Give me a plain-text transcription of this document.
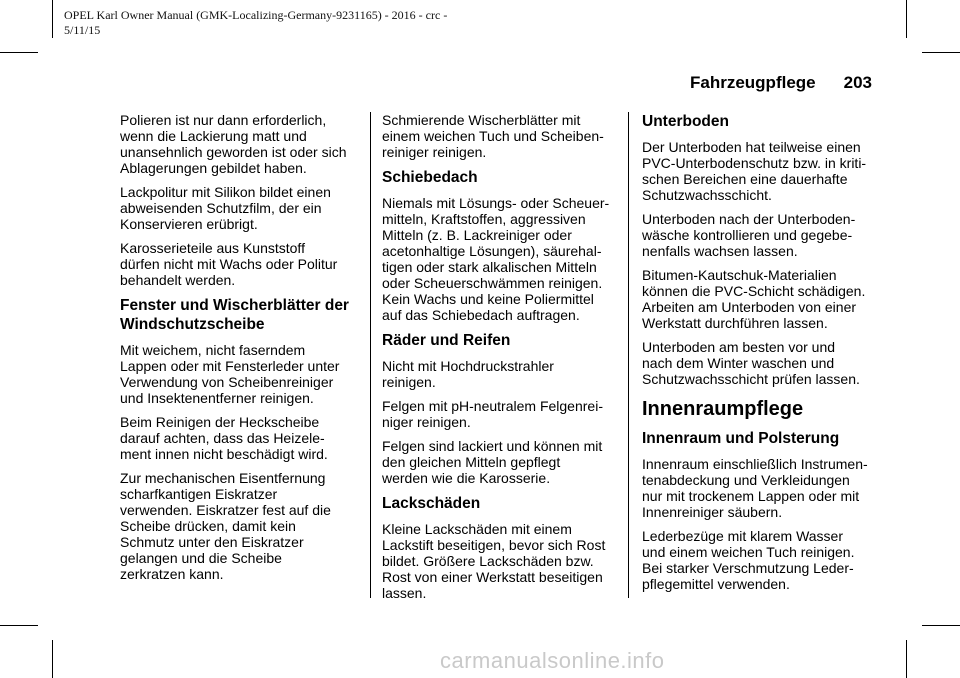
OPEL Karl Owner Manual (GMK-Localizing-Germany-9231165) - 2016 - crc -
5/11/15
Fahrzeugpflege 203

Polieren ist nur dann erforderlich,
wenn die Lackierung matt und
unansehnlich geworden ist oder sich
Ablagerungen gebildet haben.

Lackpolitur mit Silikon bildet einen
abweisenden Schutzfilm, der ein
Konservieren erübrigt.

Karosserieteile aus Kunststoff
dürfen nicht mit Wachs oder Politur
behandelt werden.

Fenster und Wischerblätter der
Windschutzscheibe

Mit weichem, nicht faserndem
Lappen oder mit Fensterleder unter
Verwendung von Scheibenreiniger
und Insektenentferner reinigen.

Beim Reinigen der Heckscheibe
darauf achten, dass das Heizele-
ment innen nicht beschädigt wird.

Zur mechanischen Eisentfernung
scharfkantigen Eiskratzer
verwenden. Eiskratzer fest auf die
Scheibe drücken, damit kein
Schmutz unter den Eiskratzer
gelangen und die Scheibe
zerkratzen kann.

Schmierende Wischerblätter mit
einem weichen Tuch und Scheiben-
reiniger reinigen.

Schiebedach

Niemals mit Lösungs- oder Scheuer-
mitteln, Kraftstoffen, aggressiven
Mitteln (z. B. Lackreiniger oder
acetonhaltige Lösungen), säurehal-
tigen oder stark alkalischen Mitteln
oder Scheuerschwämmen reinigen.
Kein Wachs und keine Poliermittel
auf das Schiebedach auftragen.

Räder und Reifen

Nicht mit Hochdruckstrahler
reinigen.

Felgen mit pH-neutralem Felgenrei-
niger reinigen.

Felgen sind lackiert und können mit
den gleichen Mitteln gepflegt
werden wie die Karosserie.

Lackschäden

Kleine Lackschäden mit einem
Lackstift beseitigen, bevor sich Rost
bildet. Größere Lackschäden bzw.
Rost von einer Werkstatt beseitigen
lassen.

Unterboden

Der Unterboden hat teilweise einen
PVC-Unterbodenschutz bzw. in kriti-
schen Bereichen eine dauerhafte
Schutzwachsschicht.

Unterboden nach der Unterboden-
wäsche kontrollieren und gegebe-
nenfalls wachsen lassen.

Bitumen-Kautschuk-Materialien
können die PVC-Schicht schädigen.
Arbeiten am Unterboden von einer
Werkstatt durchführen lassen.

Unterboden am besten vor und
nach dem Winter waschen und
Schutzwachsschicht prüfen lassen.

Innenraumpflege
Innenraum und Polsterung

Innenraum einschließlich Instrumen-
tenabdeckung und Verkleidungen
nur mit trockenem Lappen oder mit
Innenreiniger säubern.

Lederbezüge mit klarem Wasser
und einem weichen Tuch reinigen.
Bei starker Verschmutzung Leder-
pflegemittel verwenden.

carmanualsonline.info
